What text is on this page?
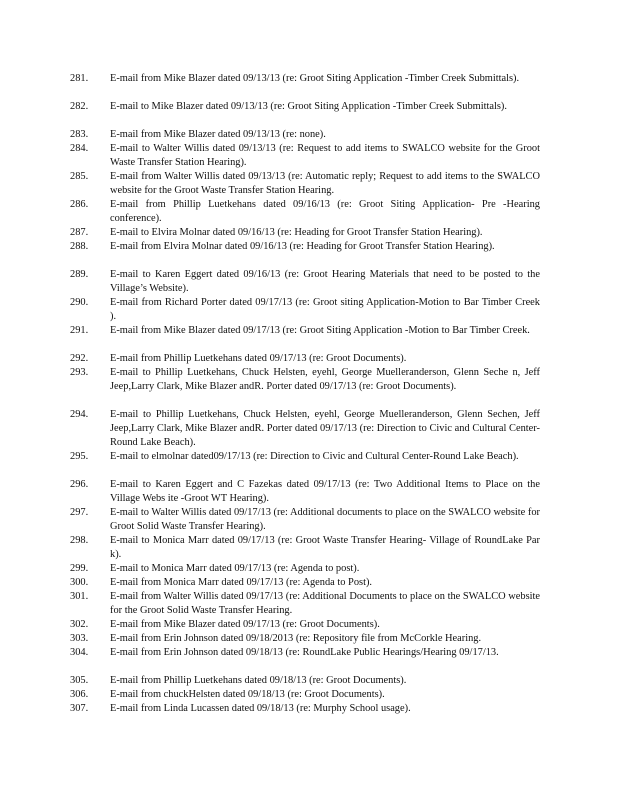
281.	E-mail from Mike Blazer dated 09/13/13 (re: Groot Siting Application -Timber Creek Submittals).
282.	E-mail to Mike Blazer dated 09/13/13 (re: Groot Siting Application -Timber Creek Submittals).
283.	E-mail from Mike Blazer dated 09/13/13 (re: none).
284.	E-mail to Walter Willis dated 09/13/13 (re: Request to add items to SWALCO website for the Groot Waste Transfer Station Hearing).
285.	E-mail from Walter Willis dated 09/13/13 (re: Automatic reply; Request to add items to the SWALCO website for the Groot Waste Transfer Station Hearing.
286.	E-mail from Phillip Luetkehans dated 09/16/13 (re: Groot Siting Application- Pre -Hearing conference).
287.	E-mail to Elvira Molnar dated 09/16/13 (re: Heading for Groot Transfer Station Hearing).
288.	E-mail from Elvira Molnar dated 09/16/13 (re: Heading for Groot Transfer Station Hearing).
289.	E-mail to Karen Eggert dated 09/16/13 (re: Groot Hearing Materials that need to be posted to the Village’s Website).
290.	E-mail from Richard Porter dated 09/17/13 (re: Groot siting Application-Motion to Bar Timber Creek ).
291.	E-mail from Mike Blazer dated 09/17/13 (re: Groot Siting Application -Motion to Bar Timber Creek.
292.	E-mail from Phillip Luetkehans dated 09/17/13 (re: Groot Documents).
293.	E-mail to Phillip Luetkehans, Chuck Helsten, eyehl, George Muelleranderson, Glenn Seche n, Jeff Jeep,Larry Clark, Mike Blazer andR. Porter dated 09/17/13 (re: Groot Documents).
294.	E-mail to Phillip Luetkehans, Chuck Helsten, eyehl, George Muelleranderson, Glenn Sechen, Jeff Jeep,Larry Clark, Mike Blazer andR. Porter dated 09/17/13 (re: Direction to Civic and Cultural Center- Round Lake Beach).
295.	E-mail to elmolnar dated09/17/13 (re: Direction to Civic and Cultural Center-Round Lake Beach).
296.	E-mail to Karen Eggert and C Fazekas dated 09/17/13 (re: Two Additional Items to Place on the Village Webs ite -Groot WT Hearing).
297.	E-mail to Walter Willis dated 09/17/13 (re: Additional documents to place on the SWALCO website for Groot Solid Waste Transfer Hearing).
298.	E-mail to Monica Marr dated 09/17/13 (re: Groot Waste Transfer Hearing- Village of RoundLake Par k).
299.	E-mail to Monica Marr dated 09/17/13 (re: Agenda to post).
300.	E-mail from Monica Marr dated 09/17/13 (re: Agenda to Post).
301.	E-mail from Walter Willis dated 09/17/13 (re: Additional Documents to place on the SWALCO website for the Groot Solid Waste Transfer Hearing.
302.	E-mail from Mike Blazer dated 09/17/13 (re: Groot Documents).
303.	E-mail from Erin Johnson dated 09/18/2013 (re: Repository file from McCorkle Hearing.
304.	E-mail from Erin Johnson dated 09/18/13 (re: RoundLake Public Hearings/Hearing 09/17/13.
305.	E-mail from Phillip Luetkehans dated 09/18/13 (re: Groot Documents).
306.	E-mail from chuckHelsten dated 09/18/13 (re: Groot Documents).
307.	E-mail from Linda Lucassen dated 09/18/13 (re: Murphy School usage).
